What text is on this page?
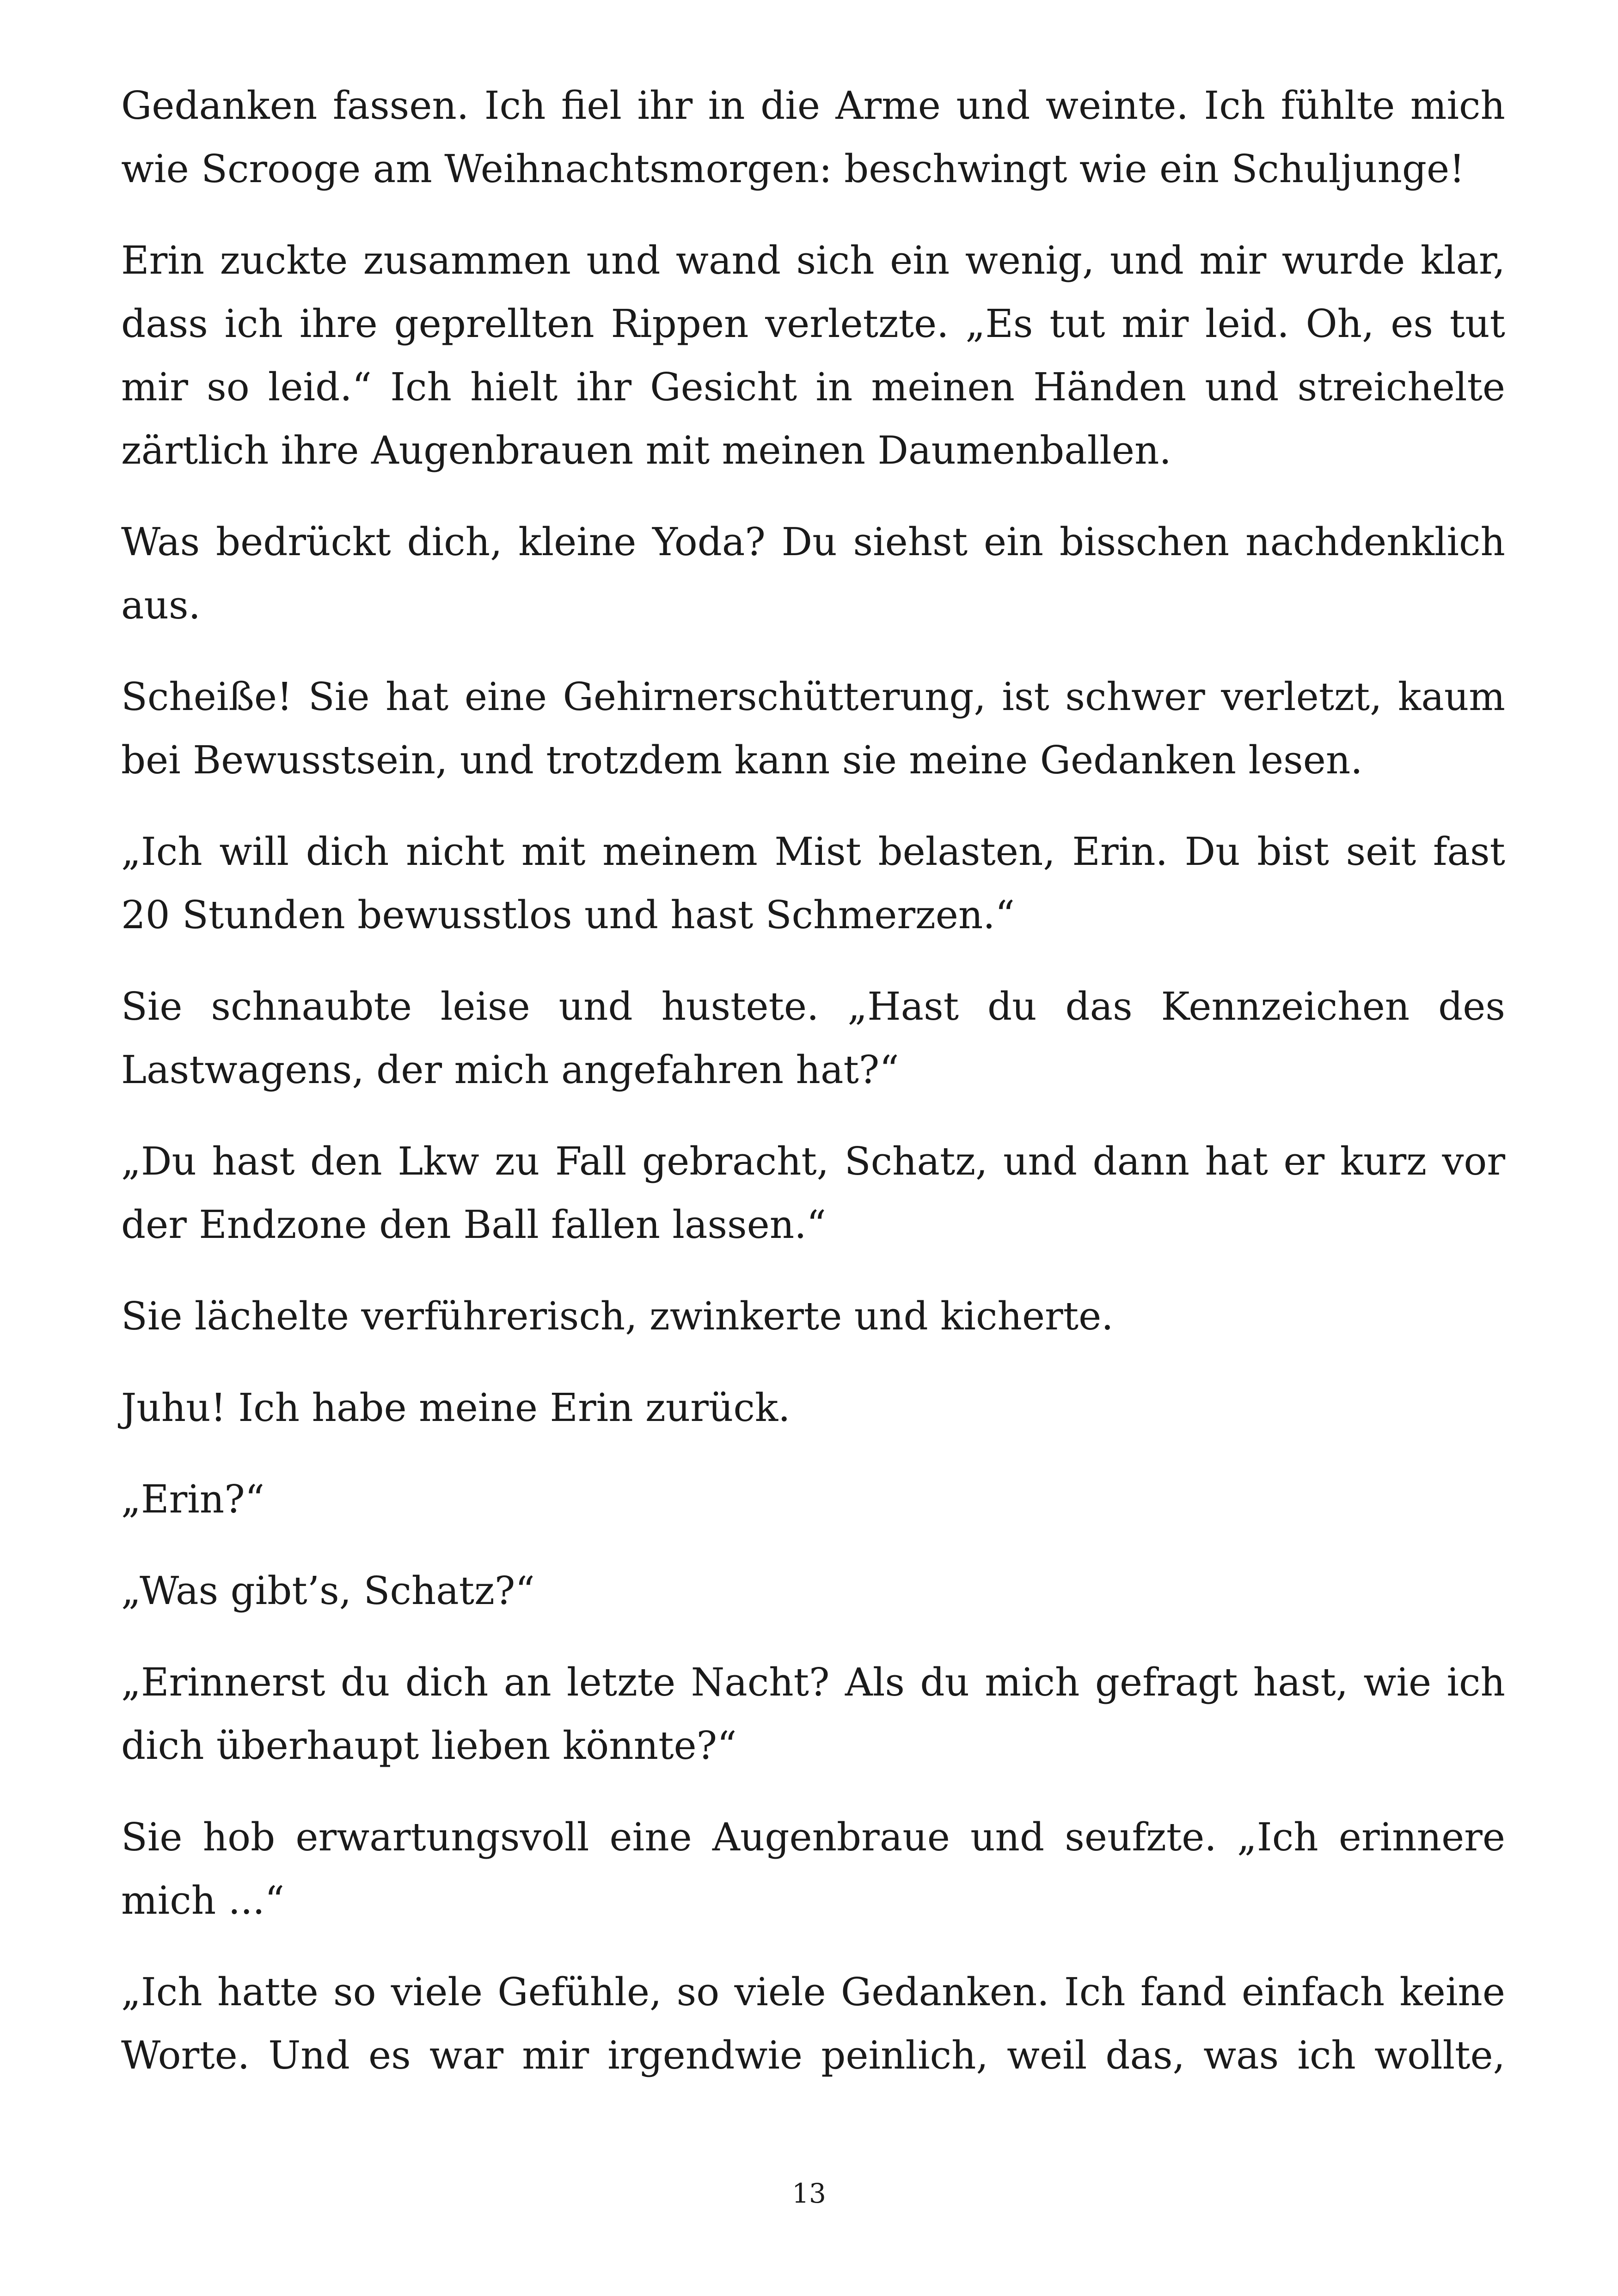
Gedanken fassen. Ich fiel ihr in die Arme und weinte. Ich fühlte mich wie Scrooge am Weihnachtsmorgen: beschwingt wie ein Schuljunge!

Erin zuckte zusammen und wand sich ein wenig, und mir wurde klar, dass ich ihre geprellten Rippen verletzte. „Es tut mir leid. Oh, es tut mir so leid.“ Ich hielt ihr Gesicht in meinen Händen und streichelte zärtlich ihre Augenbrauen mit meinen Daumenballen.

Was bedrückt dich, kleine Yoda? Du siehst ein bisschen nachdenklich aus.

Scheiße! Sie hat eine Gehirnerschütterung, ist schwer verletzt, kaum bei Bewusstsein, und trotzdem kann sie meine Gedanken lesen.

„Ich will dich nicht mit meinem Mist belasten, Erin. Du bist seit fast 20 Stunden bewusstlos und hast Schmerzen.“

Sie schnaubte leise und hustete. „Hast du das Kennzeichen des Lastwagens, der mich angefahren hat?“

„Du hast den Lkw zu Fall gebracht, Schatz, und dann hat er kurz vor der Endzone den Ball fallen lassen.“

Sie lächelte verführerisch, zwinkerte und kicherte.

Juhu! Ich habe meine Erin zurück.

„Erin?“

„Was gibt’s, Schatz?“

„Erinnerst du dich an letzte Nacht? Als du mich gefragt hast, wie ich dich überhaupt lieben könnte?“

Sie hob erwartungsvoll eine Augenbraue und seufzte. „Ich erinnere mich ...“

„Ich hatte so viele Gefühle, so viele Gedanken. Ich fand einfach keine Worte. Und es war mir irgendwie peinlich, weil das, was ich wollte,

13
